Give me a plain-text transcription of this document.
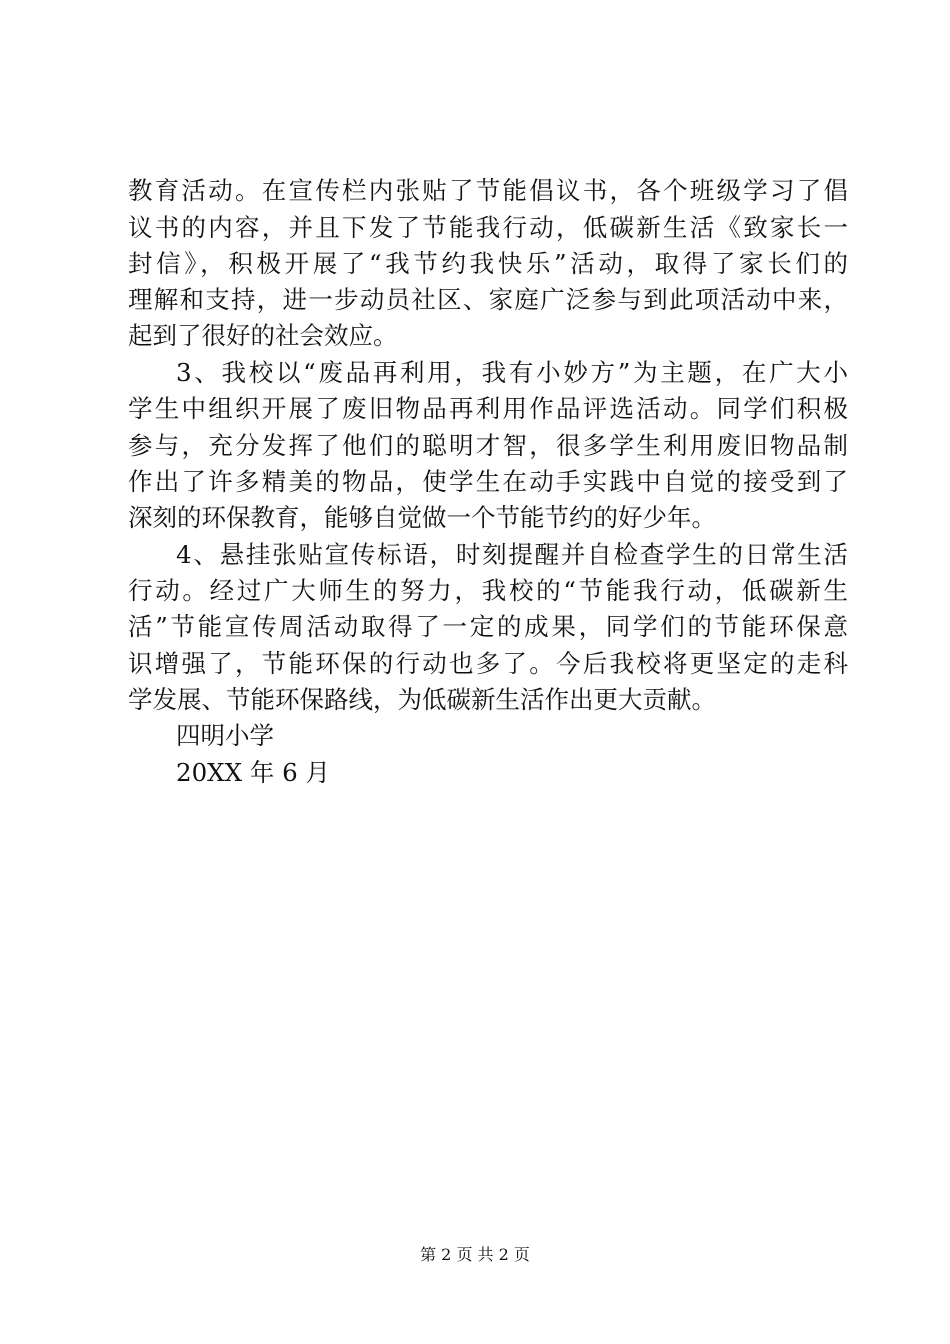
教育活动。在宣传栏内张贴了节能倡议书，各个班级学习了倡
议书的内容，并且下发了节能我行动，低碳新生活《致家长一
封信》，积极开展了“我节约我快乐”活动，取得了家长们的
理解和支持，进一步动员社区、家庭广泛参与到此项活动中来，
起到了很好的社会效应。
3、我校以“废品再利用，我有小妙方”为主题，在广大小
学生中组织开展了废旧物品再利用作品评选活动。同学们积极
参与，充分发挥了他们的聪明才智，很多学生利用废旧物品制
作出了许多精美的物品，使学生在动手实践中自觉的接受到了
深刻的环保教育，能够自觉做一个节能节约的好少年。
4、悬挂张贴宣传标语，时刻提醒并自检查学生的日常生活
行动。经过广大师生的努力，我校的“节能我行动，低碳新生
活”节能宣传周活动取得了一定的成果，同学们的节能环保意
识增强了，节能环保的行动也多了。今后我校将更坚定的走科
学发展、节能环保路线，为低碳新生活作出更大贡献。
四明小学
20XX 年 6 月
第 2 页 共 2 页
